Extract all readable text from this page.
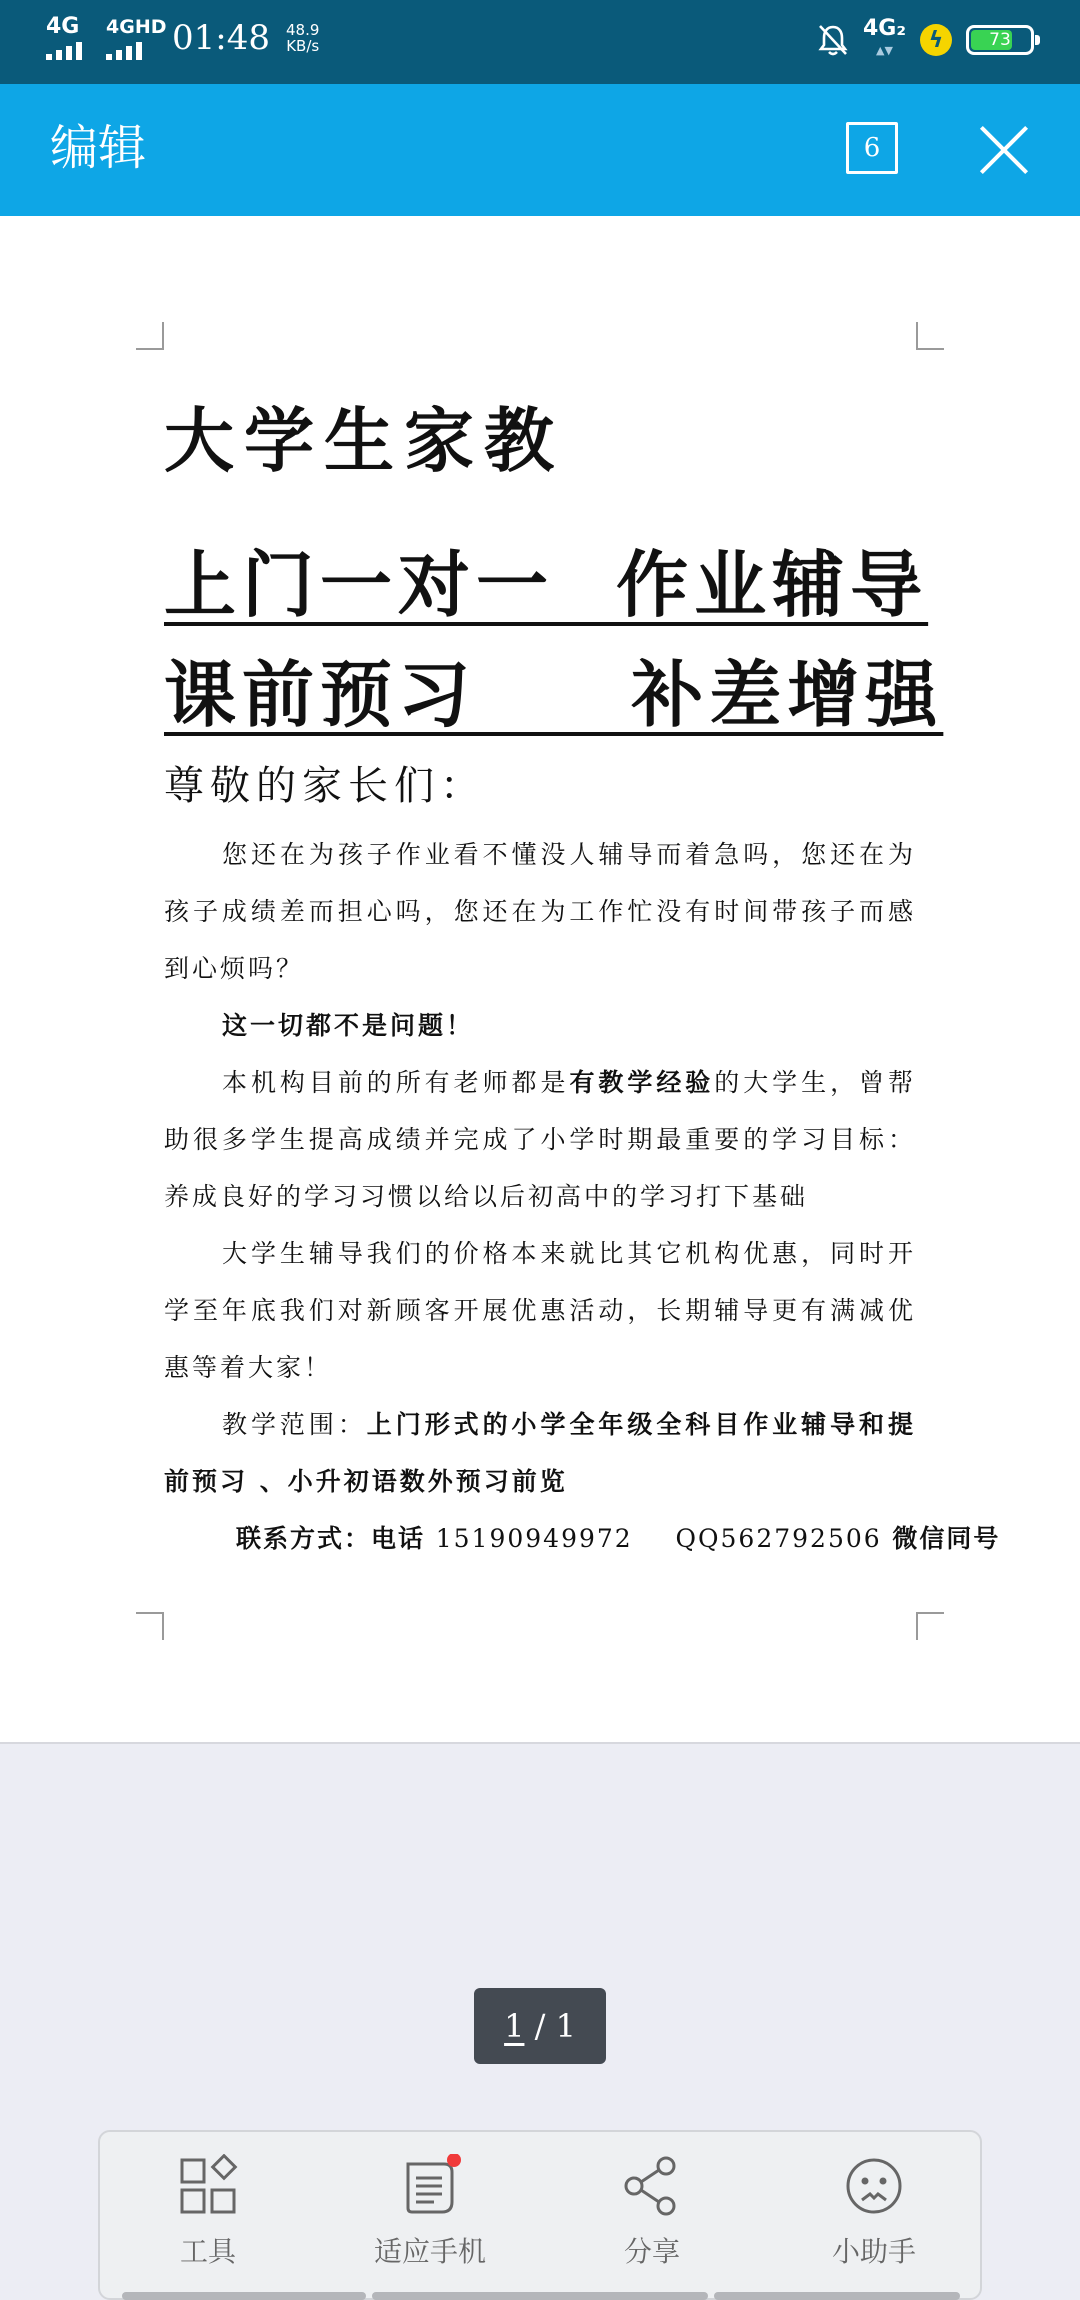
4G 4GHD 01:48 48.9
KB/s
4G₂
▲▼	ϟ	73
编辑	6
大学生家教
上门一对一  作业辅导
课前预习     补差增强
尊敬的家长们：
您还在为孩子作业看不懂没人辅导而着急吗，您还在为孩子成绩差而担心吗，您还在为工作忙没有时间带孩子而感到心烦吗？
这一切都不是问题！
本机构目前的所有老师都是有教学经验的大学生，曾帮助很多学生提高成绩并完成了小学时期最重要的学习目标：养成良好的学习习惯以给以后初高中的学习打下基础
大学生辅导我们的价格本来就比其它机构优惠，同时开学至年底我们对新顾客开展优惠活动，长期辅导更有满减优惠等着大家！
教学范围：上门形式的小学全年级全科目作业辅导和提前预习 、小升初语数外预习前览
联系方式：电话 15190949972 QQ562792506 微信同号
1 / 1
工具	适应手机	分享	小助手
